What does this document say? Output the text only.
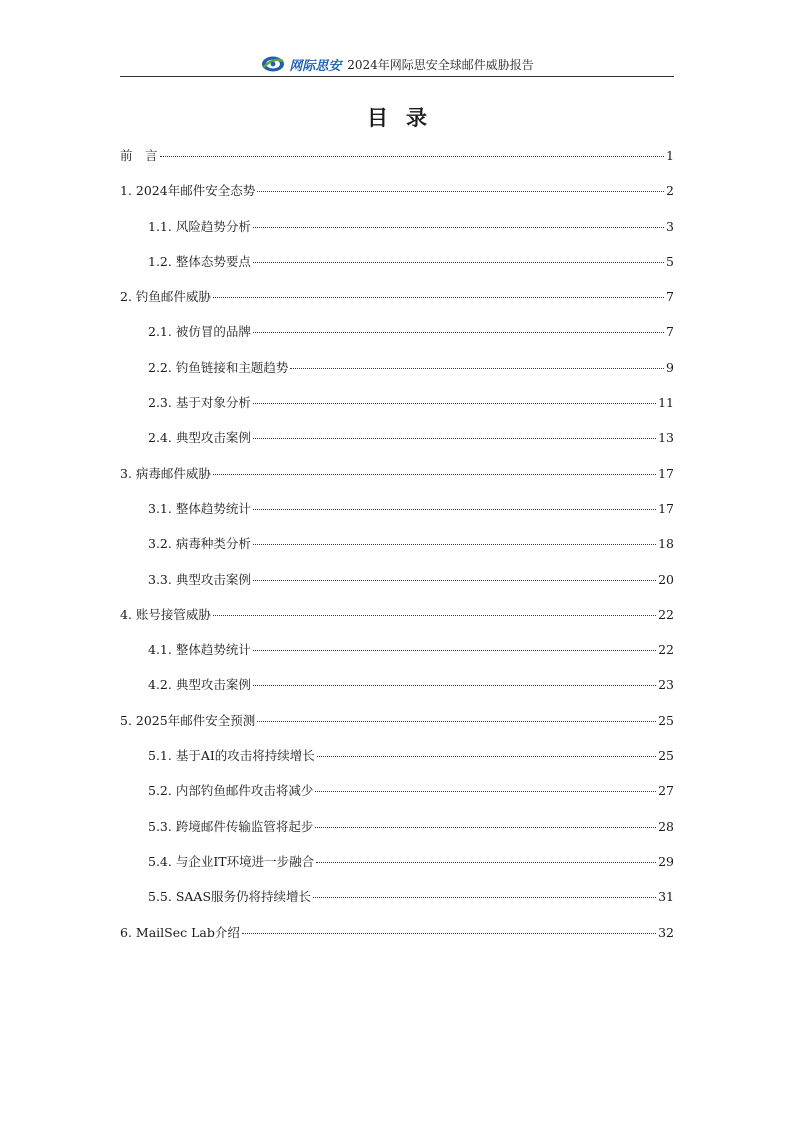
网际思安 2024年网际思安全球邮件威胁报告
目录
前　言	1
1. 2024年邮件安全态势	2
1.1. 风险趋势分析	3
1.2. 整体态势要点	5
2. 钓鱼邮件威胁	7
2.1. 被仿冒的品牌	7
2.2. 钓鱼链接和主题趋势	9
2.3. 基于对象分析	11
2.4. 典型攻击案例	13
3. 病毒邮件威胁	17
3.1. 整体趋势统计	17
3.2. 病毒种类分析	18
3.3. 典型攻击案例	20
4. 账号接管威胁	22
4.1. 整体趋势统计	22
4.2. 典型攻击案例	23
5. 2025年邮件安全预测	25
5.1. 基于AI的攻击将持续增长	25
5.2. 内部钓鱼邮件攻击将减少	27
5.3. 跨境邮件传输监管将起步	28
5.4. 与企业IT环境进一步融合	29
5.5. SAAS服务仍将持续增长	31
6. MailSec Lab介绍	32
